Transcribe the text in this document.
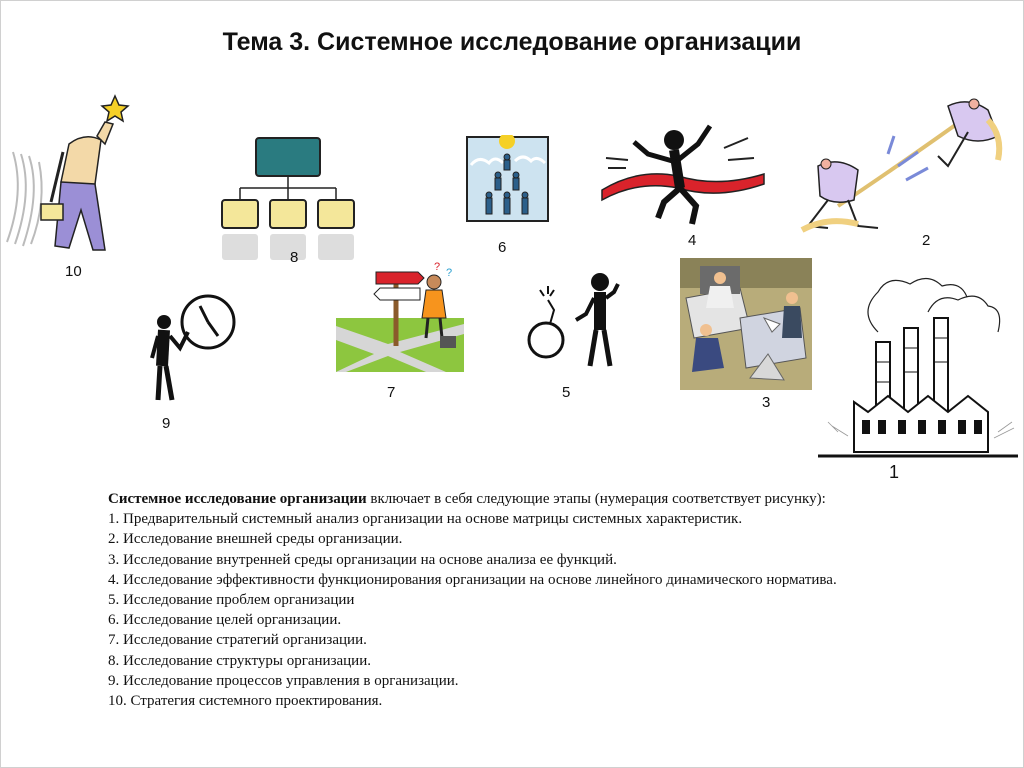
Тема 3. Системное исследование организации
10
8
6	4	2
9
? ?
7	5
3
1
Системное исследование организации включает в себя следующие этапы (нумерация соответствует рисунку):
1. Предварительный системный анализ организации на основе матрицы системных характеристик.
2. Исследование внешней среды организации.
3. Исследование внутренней среды организации на основе анализа ее функций.
4. Исследование эффективности функционирования организации на основе линейного динамического норматива.
5. Исследование проблем организации
6. Исследование целей организации.
7. Исследование стратегий организации.
8. Исследование структуры организации.
9. Исследование процессов управления в организации.
10. Стратегия системного проектирования.
